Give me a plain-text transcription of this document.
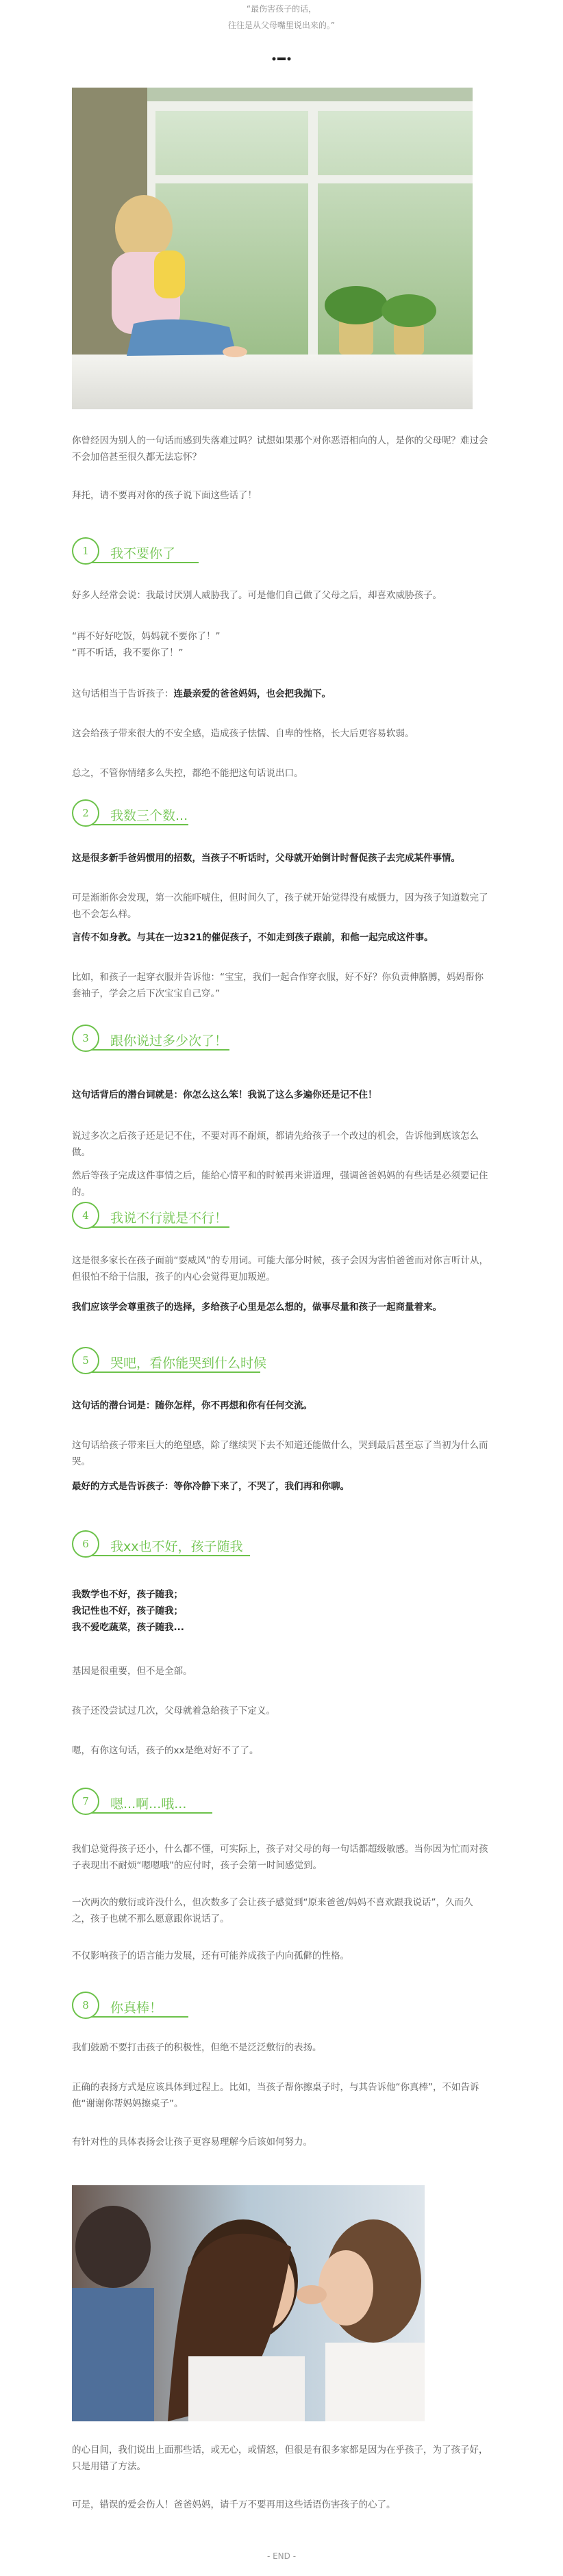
“最伤害孩子的话，
往往是从父母嘴里说出来的。”
你曾经因为别人的一句话而感到失落难过吗？试想如果那个对你恶语相向的人，是你的父母呢？难过会不会加倍甚至很久都无法忘怀？
拜托，请不要再对你的孩子说下面这些话了！
1	我不要你了
好多人经常会说：我最讨厌别人威胁我了。可是他们自己做了父母之后，却喜欢威胁孩子。
“再不好好吃饭，妈妈就不要你了！”
“再不听话，我不要你了！”
这句话相当于告诉孩子：连最亲爱的爸爸妈妈，也会把我抛下。
这会给孩子带来很大的不安全感，造成孩子怯懦、自卑的性格，长大后更容易软弱。
总之，不管你情绪多么失控，都绝不能把这句话说出口。
2	我数三个数...
这是很多新手爸妈惯用的招数，当孩子不听话时，父母就开始倒计时督促孩子去完成某件事情。
可是渐渐你会发现，第一次能吓唬住，但时间久了，孩子就开始觉得没有威慑力，因为孩子知道数完了也不会怎么样。
言传不如身教。与其在一边321的催促孩子，不如走到孩子跟前，和他一起完成这件事。
比如，和孩子一起穿衣服并告诉他：“宝宝，我们一起合作穿衣服，好不好？你负责伸胳膊，妈妈帮你套袖子，学会之后下次宝宝自己穿。”
3	跟你说过多少次了！
这句话背后的潜台词就是：你怎么这么笨！我说了这么多遍你还是记不住！
说过多次之后孩子还是记不住，不要对再不耐烦，都请先给孩子一个改过的机会，告诉他到底该怎么做。
然后等孩子完成这件事情之后，能给心情平和的时候再来讲道理，强调爸爸妈妈的有些话是必须要记住的。
4	我说不行就是不行！
这是很多家长在孩子面前“耍威风”的专用词。可能大部分时候，孩子会因为害怕爸爸而对你言听计从，但很怕不给于信服，孩子的内心会觉得更加叛逆。
我们应该学会尊重孩子的选择，多给孩子心里是怎么想的，做事尽量和孩子一起商量着来。
5	哭吧，看你能哭到什么时候
这句话的潜台词是：随你怎样，你不再想和你有任何交流。
这句话给孩子带来巨大的绝望感，除了继续哭下去不知道还能做什么，哭到最后甚至忘了当初为什么而哭。
最好的方式是告诉孩子：等你冷静下来了，不哭了，我们再和你聊。
6	我xx也不好，孩子随我
我数学也不好，孩子随我；
我记性也不好，孩子随我；
我不爱吃蔬菜，孩子随我...
基因是很重要，但不是全部。
孩子还没尝试过几次，父母就着急给孩子下定义。
嗯，有你这句话，孩子的xx是绝对好不了了。
7	嗯...啊...哦...
我们总觉得孩子还小，什么都不懂，可实际上，孩子对父母的每一句话都超级敏感。当你因为忙而对孩子表现出不耐烦“嗯嗯哦”的应付时，孩子会第一时间感觉到。
一次两次的敷衍或许没什么，但次数多了会让孩子感觉到“原来爸爸/妈妈不喜欢跟我说话”，久而久之，孩子也就不那么愿意跟你说话了。
不仅影响孩子的语言能力发展，还有可能养成孩子内向孤僻的性格。
8	你真棒！
我们鼓励不要打击孩子的积极性，但绝不是泛泛敷衍的表扬。
正确的表扬方式是应该具体到过程上。比如，当孩子帮你擦桌子时，与其告诉他“你真棒”，不如告诉他“谢谢你帮妈妈擦桌子”。
有针对性的具体表扬会让孩子更容易理解今后该如何努力。
的心目间，我们说出上面那些话，或无心，或情怒，但很是有很多家都是因为在乎孩子，为了孩子好，只是用错了方法。
可是，错误的爱会伤人！爸爸妈妈，请千万不要再用这些话语伤害孩子的心了。
- END -
